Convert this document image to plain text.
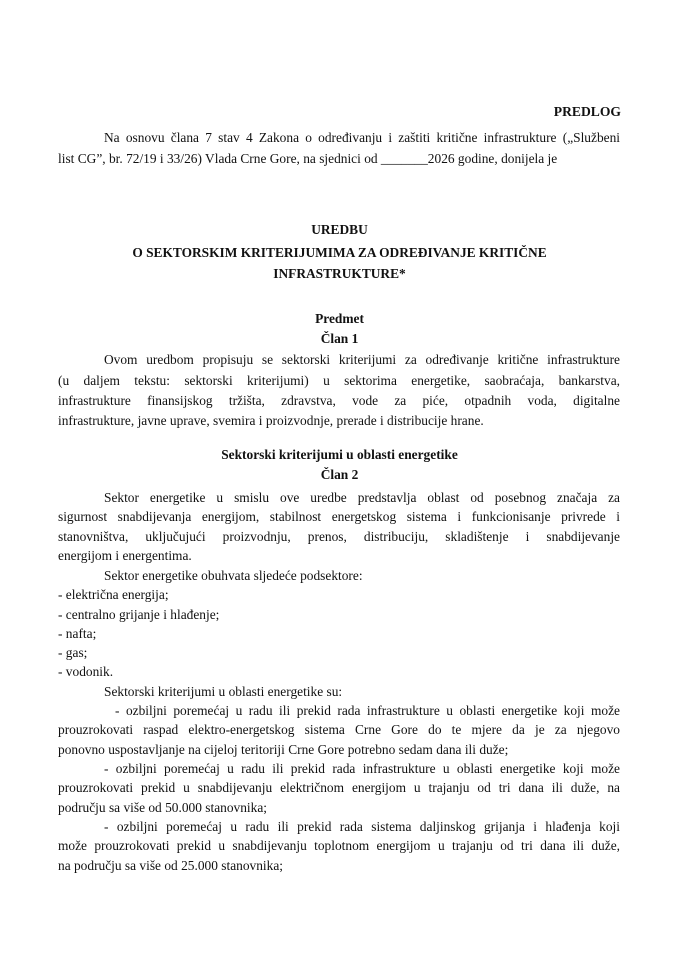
PREDLOG
Na osnovu člana 7 stav 4 Zakona o određivanju i zaštiti kritične infrastrukture („Službeni
list CG”, br. 72/19 i 33/26) Vlada Crne Gore, na sjednici od _______2026 godine, donijela je
UREDBU
O SEKTORSKIM KRITERIJUMIMA ZA ODREĐIVANJE KRITIČNE
INFRASTRUKTURE*
Predmet
Član 1
Ovom uredbom propisuju se sektorski kriterijumi za određivanje kritične infrastrukture
(u daljem tekstu: sektorski kriterijumi) u sektorima energetike, saobraćaja, bankarstva,
infrastrukture finansijskog tržišta, zdravstva, vode za piće, otpadnih voda, digitalne
infrastrukture, javne uprave, svemira i proizvodnje, prerade i distribucije hrane.
Sektorski kriterijumi u oblasti energetike
Član 2
Sektor energetike u smislu ove uredbe predstavlja oblast od posebnog značaja za
sigurnost snabdijevanja energijom, stabilnost energetskog sistema i funkcionisanje privrede i
stanovništva, uključujući proizvodnju, prenos, distribuciju, skladištenje i snabdijevanje
energijom i energentima.
Sektor energetike obuhvata sljedeće podsektore:
- električna energija;
- centralno grijanje i hlađenje;
- nafta;
- gas;
- vodonik.
Sektorski kriterijumi u oblasti energetike su:
- ozbiljni poremećaj u radu ili prekid rada infrastrukture u oblasti energetike koji može
prouzrokovati raspad elektro-energetskog sistema Crne Gore do te mjere da je za njegovo
ponovno uspostavljanje na cijeloj teritoriji Crne Gore potrebno sedam dana ili duže;
- ozbiljni poremećaj u radu ili prekid rada infrastrukture u oblasti energetike koji može
prouzrokovati prekid u snabdijevanju električnom energijom u trajanju od tri dana ili duže, na
području sa više od 50.000 stanovnika;
- ozbiljni poremećaj u radu ili prekid rada sistema daljinskog grijanja i hlađenja koji
može prouzrokovati prekid u snabdijevanju toplotnom energijom u trajanju od tri dana ili duže,
na području sa više od 25.000 stanovnika;
